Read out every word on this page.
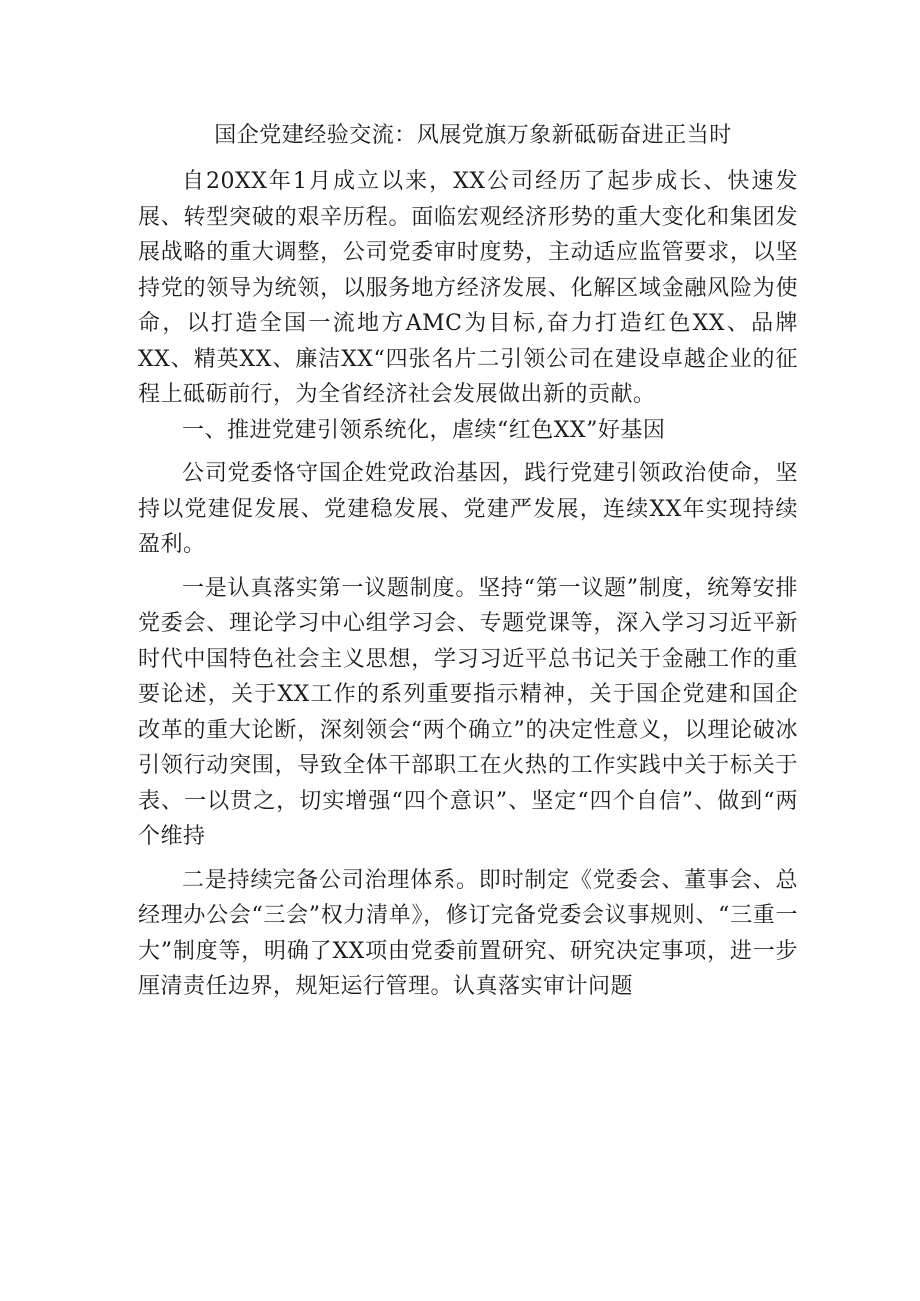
国企党建经验交流：风展党旗万象新砥砺奋进正当时

自20XX年1月成立以来，XX公司经历了起步成长、快速发展、转型突破的艰辛历程。面临宏观经济形势的重大变化和集团发展战略的重大调整，公司党委审时度势，主动适应监管要求，以坚持党的领导为统领，以服务地方经济发展、化解区域金融风险为使命，以打造全国一流地方AMC为目标,奋力打造红色XX、品牌XX、精英XX、廉洁XX“四张名片二引领公司在建设卓越企业的征程上砥砺前行，为全省经济社会发展做出新的贡献。

一、推进党建引领系统化，虐续“红色XX”好基因

公司党委恪守国企姓党政治基因，践行党建引领政治使命，坚持以党建促发展、党建稳发展、党建严发展，连续XX年实现持续盈利。

一是认真落实第一议题制度。坚持“第一议题”制度，统筹安排党委会、理论学习中心组学习会、专题党课等，深入学习习近平新时代中国特色社会主义思想，学习习近平总书记关于金融工作的重要论述，关于XX工作的系列重要指示精神，关于国企党建和国企改革的重大论断，深刻领会“两个确立”的决定性意义，以理论破冰引领行动突围，导致全体干部职工在火热的工作实践中关于标关于表、一以贯之，切实增强“四个意识”、坚定“四个自信”、做到“两个维持

二是持续完备公司治理体系。即时制定《党委会、董事会、总经理办公会“三会”权力清单》，修订完备党委会议事规则、“三重一大”制度等，明确了XX项由党委前置研究、研究决定事项，进一步厘清责任边界，规矩运行管理。认真落实审计问题
